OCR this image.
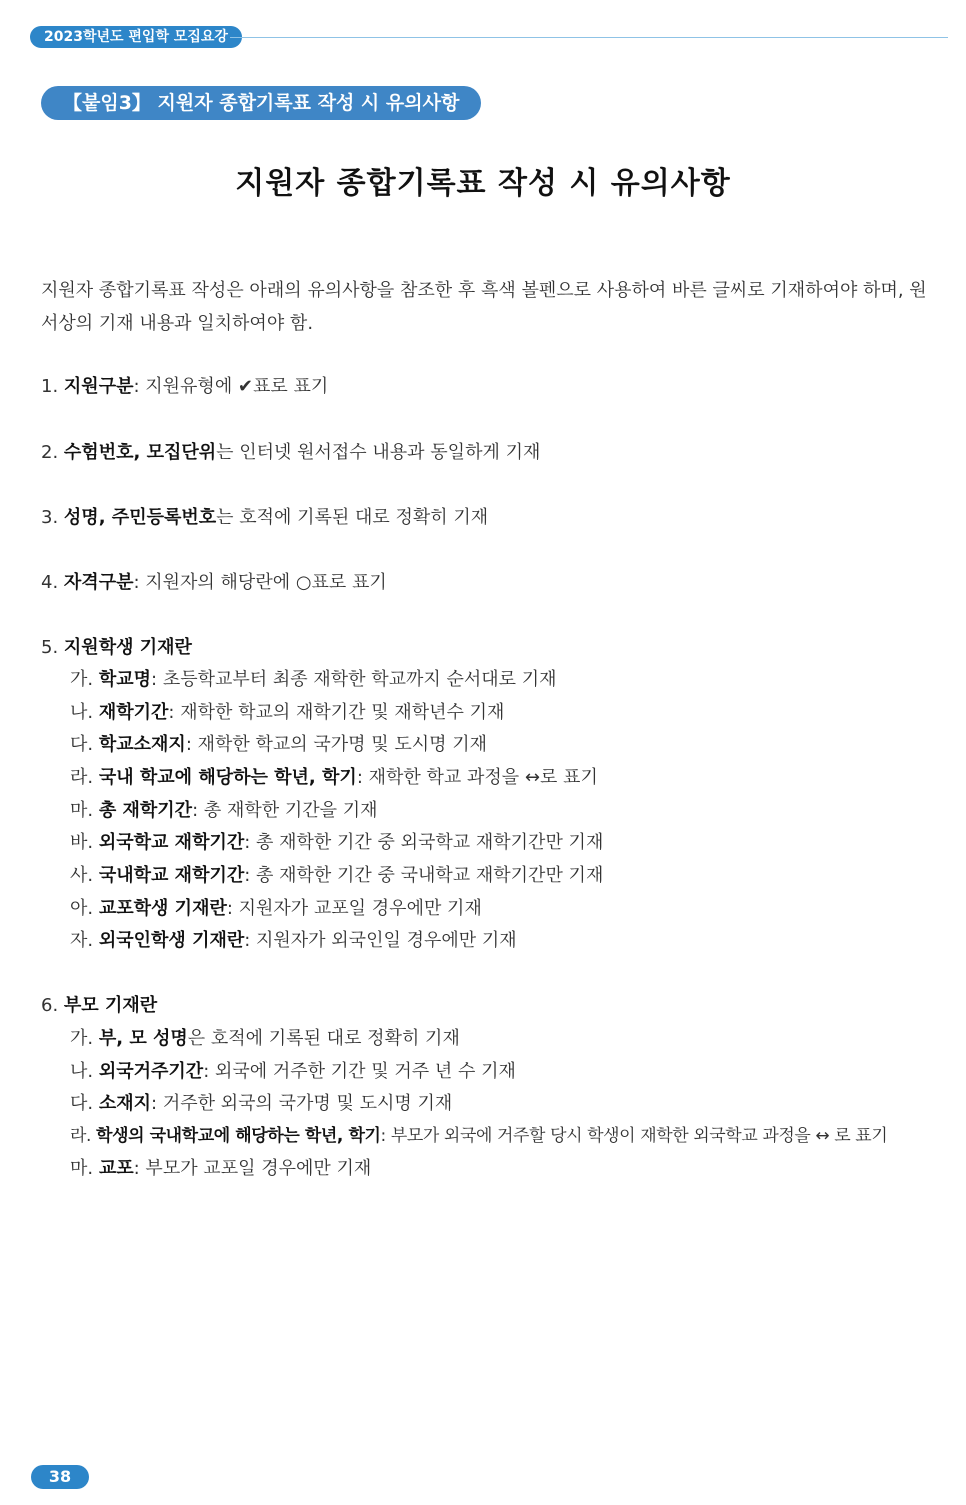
2023학년도 편입학 모집요강
【붙임3】 지원자 종합기록표 작성 시 유의사항
지원자 종합기록표 작성 시 유의사항
지원자 종합기록표 작성은 아래의 유의사항을 참조한 후 흑색 볼펜으로 사용하여 바른 글씨로 기재하여야 하며, 원서상의 기재 내용과 일치하여야 함.
1. 지원구분: 지원유형에 ✔표로 표기
2. 수험번호, 모집단위는 인터넷 원서접수 내용과 동일하게 기재
3. 성명, 주민등록번호는 호적에 기록된 대로 정확히 기재
4. 자격구분: 지원자의 해당란에 ○표로 표기
5. 지원학생 기재란
가. 학교명: 초등학교부터 최종 재학한 학교까지 순서대로 기재
나. 재학기간: 재학한 학교의 재학기간 및 재학년수 기재
다. 학교소재지: 재학한 학교의 국가명 및 도시명 기재
라. 국내 학교에 해당하는 학년, 학기: 재학한 학교 과정을 ↔로 표기
마. 총 재학기간: 총 재학한 기간을 기재
바. 외국학교 재학기간: 총 재학한 기간 중 외국학교 재학기간만 기재
사. 국내학교 재학기간: 총 재학한 기간 중 국내학교 재학기간만 기재
아. 교포학생 기재란: 지원자가 교포일 경우에만 기재
자. 외국인학생 기재란: 지원자가 외국인일 경우에만 기재
6. 부모 기재란
가. 부, 모 성명은 호적에 기록된 대로 정확히 기재
나. 외국거주기간: 외국에 거주한 기간 및 거주 년 수 기재
다. 소재지: 거주한 외국의 국가명 및 도시명 기재
라. 학생의 국내학교에 해당하는 학년, 학기: 부모가 외국에 거주할 당시 학생이 재학한 외국학교 과정을 ↔ 로 표기
마. 교포: 부모가 교포일 경우에만 기재
38
